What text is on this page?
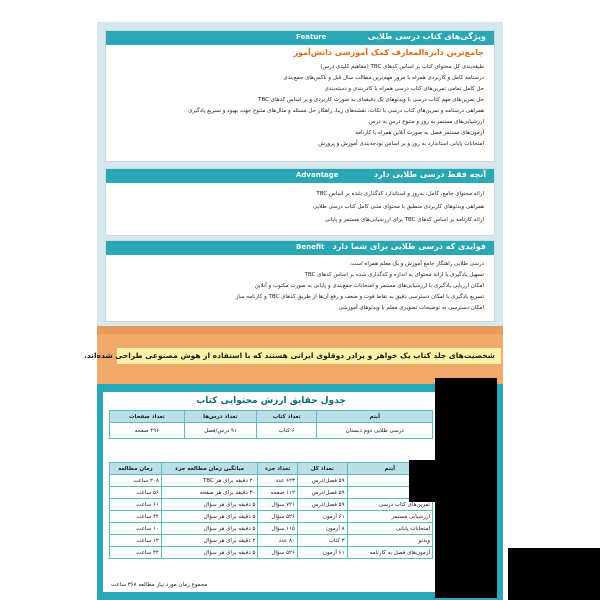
ویژگی‌های کتاب درسی طلایی
Feature
جامع‌ترین دایرةالمعارف کمک آموزشی دانش‌آموز
طبقه‌بندی کل محتوای کتاب بر اساس کدهای TBC (مفاهیم کلیدی درس)
درسنامه کامل و کاربردی همراه با مرور مهم‌ترین مطالب سال قبل و باکس‌های جمع‌بندی
حل کامل تمامی تمرین‌های کتاب درسی همراه با کادربندی و دسته‌بندی
حل تمرین‌های مهم کتاب درسی با ویدئوهای یک دقیقه‌ای به صورت کاربردی و بر اساس کدهای TBC
همراهی درسنامه و تمرین‌های کتاب درسی با نکات، نقشه‌های زیبا، راهکار حل مسئله و مثال‌های متنوع جهت بهبود و تسریع یادگیری
ارزشیابی‌های مستمر به روز و متنوع درس به درس
آزمون‌های مستمر فصل به صورت آنلاین همراه با کارنامه
امتحانات پایانی استاندارد به روز و بر اساس بودجه‌بندی آموزش و پرورش
آنچه فقط درسی طلایی دارد
Advantage
ارائه محتوای جامع، کامل، به‌روز و استاندارد کدگذاری شده بر اساس TBC
همراهی ویدئوهای کاربردی منطبق با محتوای متنی کامل کتاب درسی طلایی
ارائه کارنامه بر اساس کدهای TBC برای ارزشیابی‌های مستمر و پایانی
فوایدی که درسی طلایی برای شما دارد
Benefit
درسی طلایی راهنگار جامع آموزش و یک معلم همراه است.
تسهیل یادگیری با ارائهٔ محتوای به اندازه و کدگذاری شده بر اساس کدهای TBC
امکان ارزیابی یادگیری با ارزشیابی‌های مستمر و امتحانات جمع‌بندی و پایانی به صورت مکتوب و آنلاین
تسریع یادگیری با امکان دسترسی دقیق به نقاط قوت و ضعف و رفع آن‌ها از طریق کدهای TBC و کارنامه ساز
امکان دسترسی به توضیحات تصویری معلم با ویدئوهای آموزشی
شخصیت‌های جلد کتاب یک خواهر و برادر دوقلوی ایرانی هستند که با استفاده از هوش مصنوعی طراحی شده‌اند.
جدول حقایق ارزش محتوایی کتاب
آیتم	تعداد کتاب	تعداد درس‌ها	تعداد صفحات
درسی طلایی دوم دبستان	۶ کتاب	۹۱ درس/فصل	۴۹۶ صفحه
آیتم	تعداد کل	تعداد جزء	میانگین زمان مطالعه جزء	زمان مطالعه
	۵۹ فصل/درس	۶۲۳ عدد	۲۰ دقیقه برای هر TBC	۲۰۸ ساعت
	۵۹ فصل/درس	۱۱۲ صفحه	۳۰ دقیقه برای هر صفحه	۵۶ ساعت
تمرین‌های کتاب درسی	۵۹ فصل/درس	۷۲۱ سؤال	۵ دقیقه برای هر سؤال	۶۱ ساعت
ارزشیابی مستمر	۶۱ آزمون	۵۲۶ سؤال	۵ دقیقه برای هر سؤال	۴۴ ساعت
امتحانات پایانی	۸ آزمون	۱۱۵ سؤال	۵ دقیقه برای هر سؤال	۱۰ ساعت
ویدئو	۳ کتاب	۸۰ عدد	۲ دقیقه برای هر سؤال	۱۲ ساعت
آزمون‌های فصل به کارنامه	۶۱ آزمون	۵۲۶ سؤال	۵ دقیقه برای هر سؤال	۴۴ ساعت
مجموع زمان مورد نیاز مطالعه ۳۶۸ ساعت
